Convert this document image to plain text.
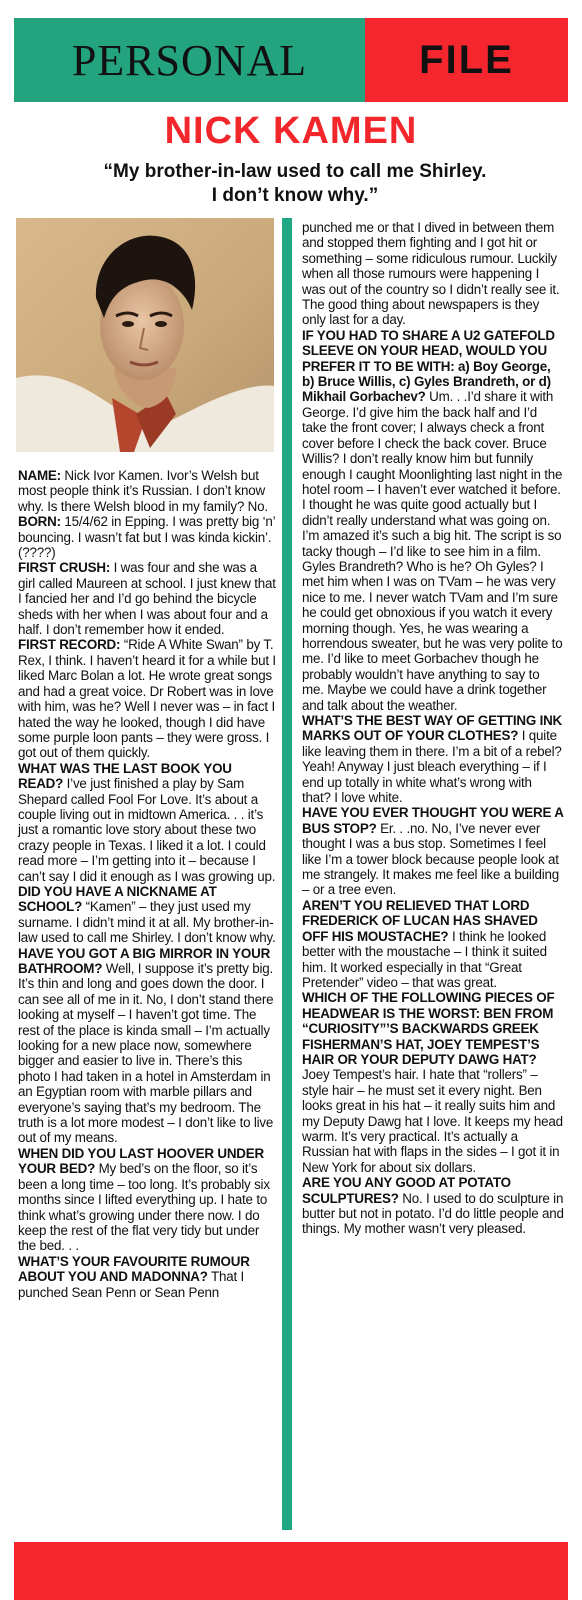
PERSONAL	FILE
NICK KAMEN
“My brother-in-law used to call me Shirley.
I don’t know why.”

NAME: Nick Ivor Kamen. Ivor’s Welsh but most people think it’s Russian. I don’t know why. Is there Welsh blood in my family? No.

BORN: 15/4/62 in Epping. I was pretty big ‘n’ bouncing. I wasn’t fat but I was kinda kickin’.(????)

FIRST CRUSH: I was four and she was a girl called Maureen at school. I just knew that I fancied her and I’d go behind the bicycle sheds with her when I was about four and a half. I don’t remember how it ended.

FIRST RECORD: “Ride A White Swan” by T. Rex, I think. I haven’t heard it for a while but I liked Marc Bolan a lot. He wrote great songs and had a great voice. Dr Robert was in love with him, was he? Well I never was – in fact I hated the way he looked, though I did have some purple loon pants – they were gross. I got out of them quickly.

WHAT WAS THE LAST BOOK YOU READ? I’ve just finished a play by Sam Shepard called Fool For Love. It’s about a couple living out in midtown America. . . it’s just a romantic love story about these two crazy people in Texas. I liked it a lot. I could read more – I’m getting into it – because I can’t say I did it enough as I was growing up.

DID YOU HAVE A NICKNAME AT SCHOOL? “Kamen” – they just used my surname. I didn’t mind it at all. My brother-in-law used to call me Shirley. I don’t know why.

HAVE YOU GOT A BIG MIRROR IN YOUR BATHROOM? Well, I suppose it’s pretty big. It’s thin and long and goes down the door. I can see all of me in it. No, I don’t stand there looking at myself – I haven’t got time. The rest of the place is kinda small – I’m actually looking for a new place now, somewhere bigger and easier to live in. There’s this photo I had taken in a hotel in Amsterdam in an Egyptian room with marble pillars and everyone’s saying that’s my bedroom. The truth is a lot more modest – I don’t like to live out of my means.

WHEN DID YOU LAST HOOVER UNDER YOUR BED? My bed’s on the floor, so it’s been a long time – too long. It’s probably six months since I lifted everything up. I hate to think what’s growing under there now. I do keep the rest of the flat very tidy but under the bed. . .

WHAT’S YOUR FAVOURITE RUMOUR ABOUT YOU AND MADONNA? That I punched Sean Penn or Sean Penn

punched me or that I dived in between them and stopped them fighting and I got hit or something – some ridiculous rumour. Luckily when all those rumours were happening I was out of the country so I didn’t really see it. The good thing about newspapers is they only last for a day.

IF YOU HAD TO SHARE A U2 GATEFOLD SLEEVE ON YOUR HEAD, WOULD YOU PREFER IT TO BE WITH: a) Boy George, b) Bruce Willis, c) Gyles Brandreth, or d) Mikhail Gorbachev? Um. . .I’d share it with George. I’d give him the back half and I’d take the front cover; I always check a front cover before I check the back cover. Bruce Willis? I don’t really know him but funnily enough I caught Moonlighting last night in the hotel room – I haven’t ever watched it before. I thought he was quite good actually but I didn’t really understand what was going on. I’m amazed it’s such a big hit. The script is so tacky though – I’d like to see him in a film. Gyles Brandreth? Who is he? Oh Gyles? I met him when I was on TVam – he was very nice to me. I never watch TVam and I’m sure he could get obnoxious if you watch it every morning though. Yes, he was wearing a horrendous sweater, but he was very polite to me. I’d like to meet Gorbachev though he probably wouldn’t have anything to say to me. Maybe we could have a drink together and talk about the weather.

WHAT’S THE BEST WAY OF GETTING INK MARKS OUT OF YOUR CLOTHES? I quite like leaving them in there. I’m a bit of a rebel? Yeah! Anyway I just bleach everything – if I end up totally in white what’s wrong with that? I love white.

HAVE YOU EVER THOUGHT YOU WERE A BUS STOP? Er. . .no. No, I’ve never ever thought I was a bus stop. Sometimes I feel like I’m a tower block because people look at me strangely. It makes me feel like a building – or a tree even.

AREN’T YOU RELIEVED THAT LORD FREDERICK OF LUCAN HAS SHAVED OFF HIS MOUSTACHE? I think he looked better with the moustache – I think it suited him. It worked especially in that “Great Pretender” video – that was great.

WHICH OF THE FOLLOWING PIECES OF HEADWEAR IS THE WORST: BEN FROM “CURIOSITY”’S BACKWARDS GREEK FISHERMAN’S HAT, JOEY TEMPEST’S HAIR OR YOUR DEPUTY DAWG HAT? Joey Tempest’s hair. I hate that “rollers” – style hair – he must set it every night. Ben looks great in his hat – it really suits him and my Deputy Dawg hat I love. It keeps my head warm. It’s very practical. It’s actually a Russian hat with flaps in the sides – I got it in New York for about six dollars.

ARE YOU ANY GOOD AT POTATO SCULPTURES? No. I used to do sculpture in butter but not in potato. I’d do little people and things. My mother wasn’t very pleased.
